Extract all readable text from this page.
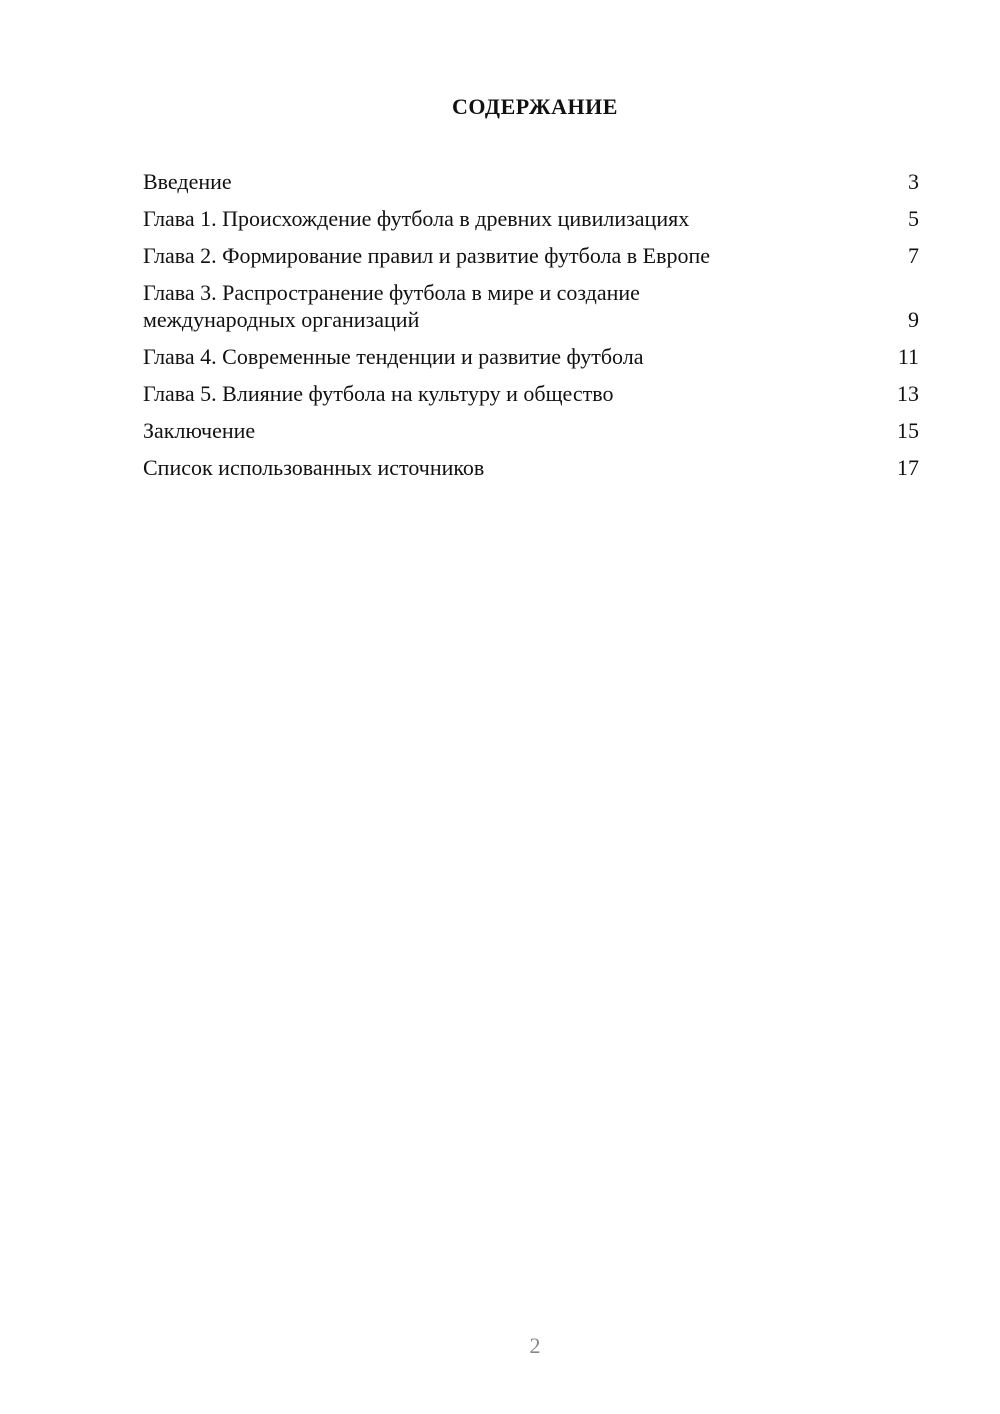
СОДЕРЖАНИЕ
Введение	3
Глава 1. Происхождение футбола в древних цивилизациях	5
Глава 2. Формирование правил и развитие футбола в Европе	7
Глава 3. Распространение футбола в мире и создание международных организаций	9
Глава 4. Современные тенденции и развитие футбола	11
Глава 5. Влияние футбола на культуру и общество	13
Заключение	15
Список использованных источников	17
2
